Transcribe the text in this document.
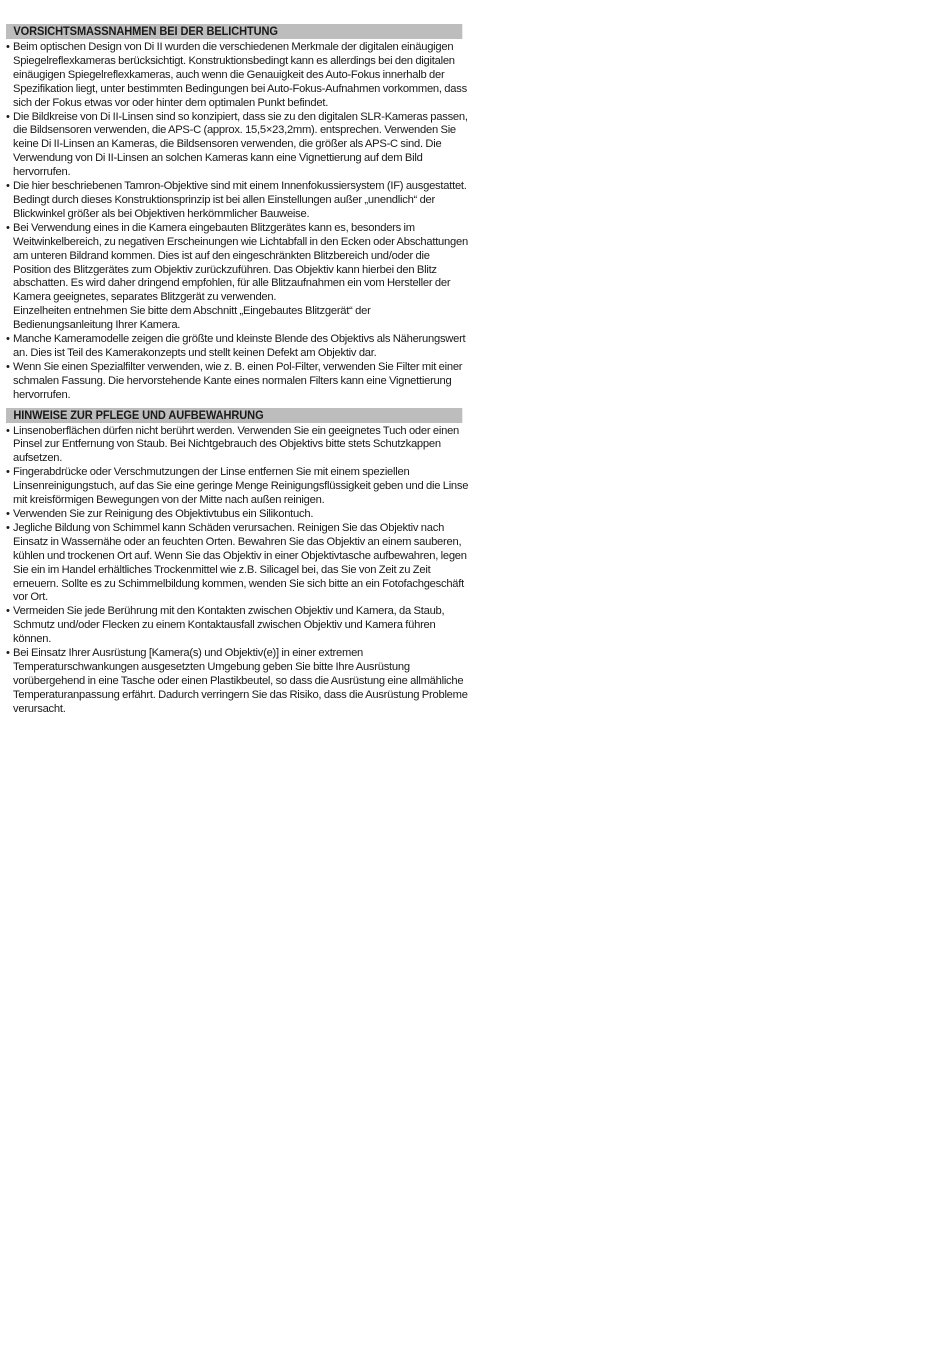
VORSICHTSMASSNAHMEN BEI DER BELICHTUNG
• Beim optischen Design von Di II wurden die verschiedenen Merkmale der digitalen einäugigen Spiegelreflexkameras berücksichtigt. Konstruktionsbedingt kann es allerdings bei den digitalen einäugigen Spiegelreflexkameras, auch wenn die Genauigkeit des Auto-Fokus innerhalb der Spezifikation liegt, unter bestimmten Bedingungen bei Auto-Fokus-Aufnahmen vorkommen, dass sich der Fokus etwas vor oder hinter dem optimalen Punkt befindet.
• Die Bildkreise von Di II-Linsen sind so konzipiert, dass sie zu den digitalen SLR-Kameras passen, die Bildsensoren verwenden, die APS-C (approx. 15,5×23,2mm). entsprechen. Verwenden Sie keine Di II-Linsen an Kameras, die Bildsensoren verwenden, die größer als APS-C sind. Die Verwendung von Di II-Linsen an solchen Kameras kann eine Vignettierung auf dem Bild hervorrufen.
• Die hier beschriebenen Tamron-Objektive sind mit einem Innenfokussiersystem (IF) ausgestattet. Bedingt durch dieses Konstruktionsprinzip ist bei allen Einstellungen außer „unendlich“ der Blickwinkel größer als bei Objektiven herkömmlicher Bauweise.
• Bei Verwendung eines in die Kamera eingebauten Blitzgerätes kann es, besonders im Weitwinkelbereich, zu negativen Erscheinungen wie Lichtabfall in den Ecken oder Abschattungen am unteren Bildrand kommen. Dies ist auf den eingeschränkten Blitzbereich und/oder die Position des Blitzgerätes zum Objektiv zurückzuführen. Das Objektiv kann hierbei den Blitz abschatten. Es wird daher dringend empfohlen, für alle Blitzaufnahmen ein vom Hersteller der Kamera geeignetes, separates Blitzgerät zu verwenden.
Einzelheiten entnehmen Sie bitte dem Abschnitt „Eingebautes Blitzgerät“ der Bedienungsanleitung Ihrer Kamera.
• Manche Kameramodelle zeigen die größte und kleinste Blende des Objektivs als Näherungswert an. Dies ist Teil des Kamerakonzepts und stellt keinen Defekt am Objektiv dar.
• Wenn Sie einen Spezialfilter verwenden, wie z. B. einen Pol-Filter, verwenden Sie Filter mit einer schmalen Fassung. Die hervorstehende Kante eines normalen Filters kann eine Vignettierung hervorrufen.
HINWEISE ZUR PFLEGE UND AUFBEWAHRUNG
• Linsenoberflächen dürfen nicht berührt werden. Verwenden Sie ein geeignetes Tuch oder einen Pinsel zur Entfernung von Staub. Bei Nichtgebrauch des Objektivs bitte stets Schutzkappen aufsetzen.
• Fingerabdrücke oder Verschmutzungen der Linse entfernen Sie mit einem speziellen Linsenreinigungstuch, auf das Sie eine geringe Menge Reinigungsflüssigkeit geben und die Linse mit kreisförmigen Bewegungen von der Mitte nach außen reinigen.
• Verwenden Sie zur Reinigung des Objektivtubus ein Silikontuch.
• Jegliche Bildung von Schimmel kann Schäden verursachen. Reinigen Sie das Objektiv nach Einsatz in Wassernähe oder an feuchten Orten. Bewahren Sie das Objektiv an einem sauberen, kühlen und trockenen Ort auf. Wenn Sie das Objektiv in einer Objektivtasche aufbewahren, legen Sie ein im Handel erhältliches Trockenmittel wie z.B. Silicagel bei, das Sie von Zeit zu Zeit erneuern. Sollte es zu Schimmelbildung kommen, wenden Sie sich bitte an ein Fotofachgeschäft vor Ort.
• Vermeiden Sie jede Berührung mit den Kontakten zwischen Objektiv und Kamera, da Staub, Schmutz und/oder Flecken zu einem Kontaktausfall zwischen Objektiv und Kamera führen können.
• Bei Einsatz Ihrer Ausrüstung [Kamera(s) und Objektiv(e)] in einer extremen Temperaturschwankungen ausgesetzten Umgebung geben Sie bitte Ihre Ausrüstung vorübergehend in eine Tasche oder einen Plastikbeutel, so dass die Ausrüstung eine allmähliche Temperaturanpassung erfährt. Dadurch verringern Sie das Risiko, dass die Ausrüstung Probleme verursacht.
